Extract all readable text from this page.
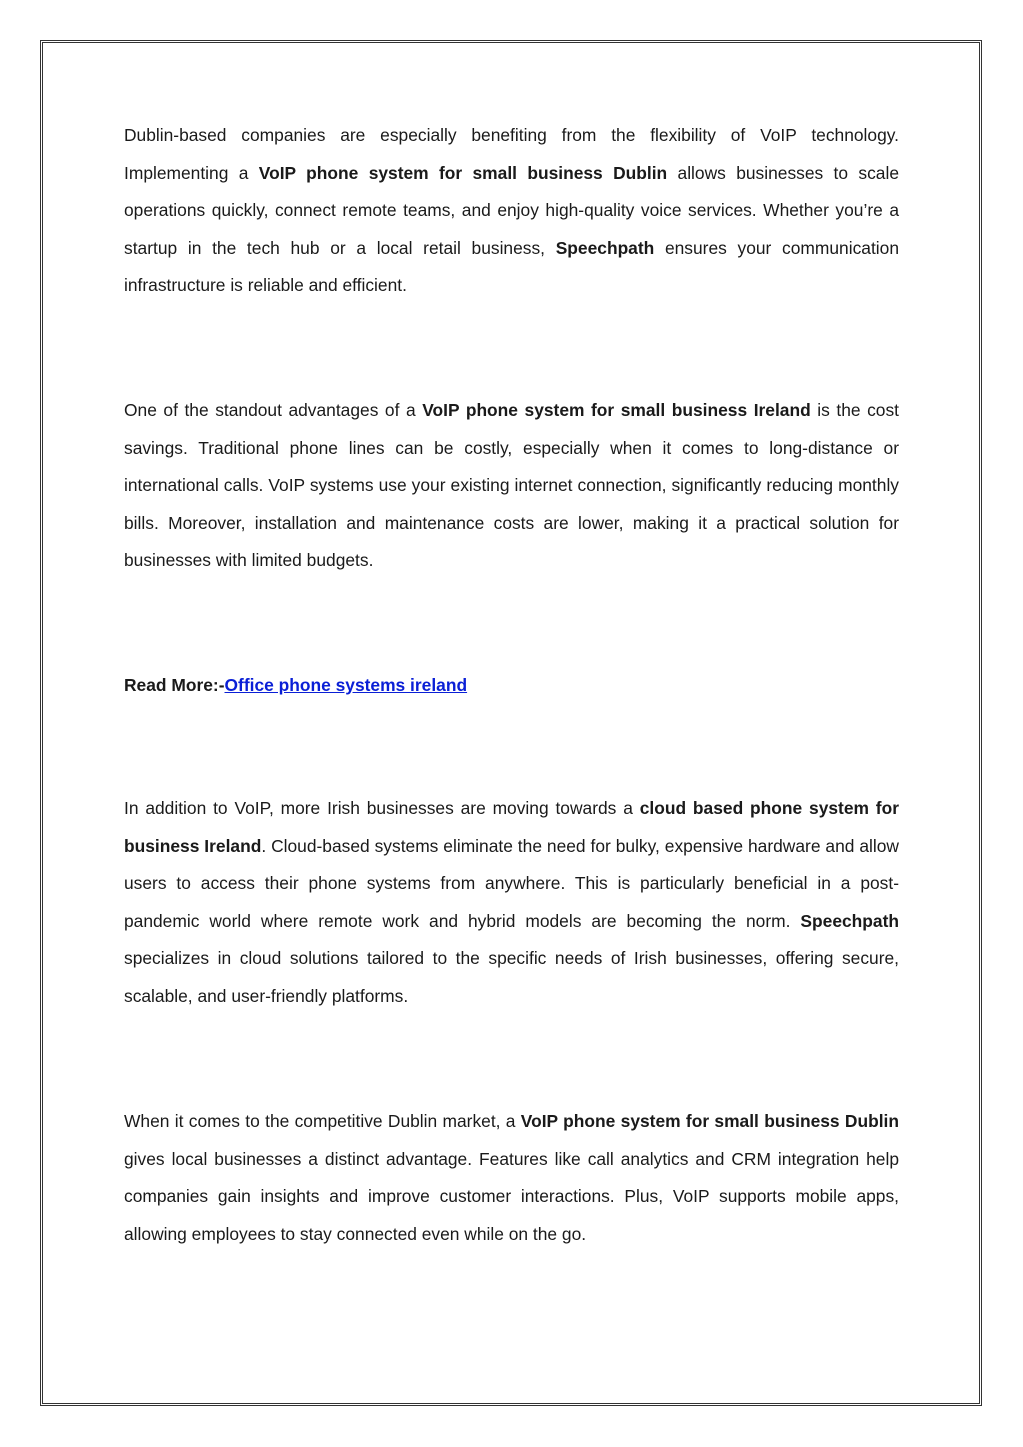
Dublin-based companies are especially benefiting from the flexibility of VoIP technology. Implementing a VoIP phone system for small business Dublin allows businesses to scale operations quickly, connect remote teams, and enjoy high-quality voice services. Whether you’re a startup in the tech hub or a local retail business, Speechpath ensures your communication infrastructure is reliable and efficient.

One of the standout advantages of a VoIP phone system for small business Ireland is the cost savings. Traditional phone lines can be costly, especially when it comes to long-distance or international calls. VoIP systems use your existing internet connection, significantly reducing monthly bills. Moreover, installation and maintenance costs are lower, making it a practical solution for businesses with limited budgets.

Read More:-Office phone systems ireland

In addition to VoIP, more Irish businesses are moving towards a cloud based phone system for business Ireland. Cloud-based systems eliminate the need for bulky, expensive hardware and allow users to access their phone systems from anywhere. This is particularly beneficial in a post-pandemic world where remote work and hybrid models are becoming the norm. Speechpath specializes in cloud solutions tailored to the specific needs of Irish businesses, offering secure, scalable, and user-friendly platforms.

When it comes to the competitive Dublin market, a VoIP phone system for small business Dublin gives local businesses a distinct advantage. Features like call analytics and CRM integration help companies gain insights and improve customer interactions. Plus, VoIP supports mobile apps, allowing employees to stay connected even while on the go.
